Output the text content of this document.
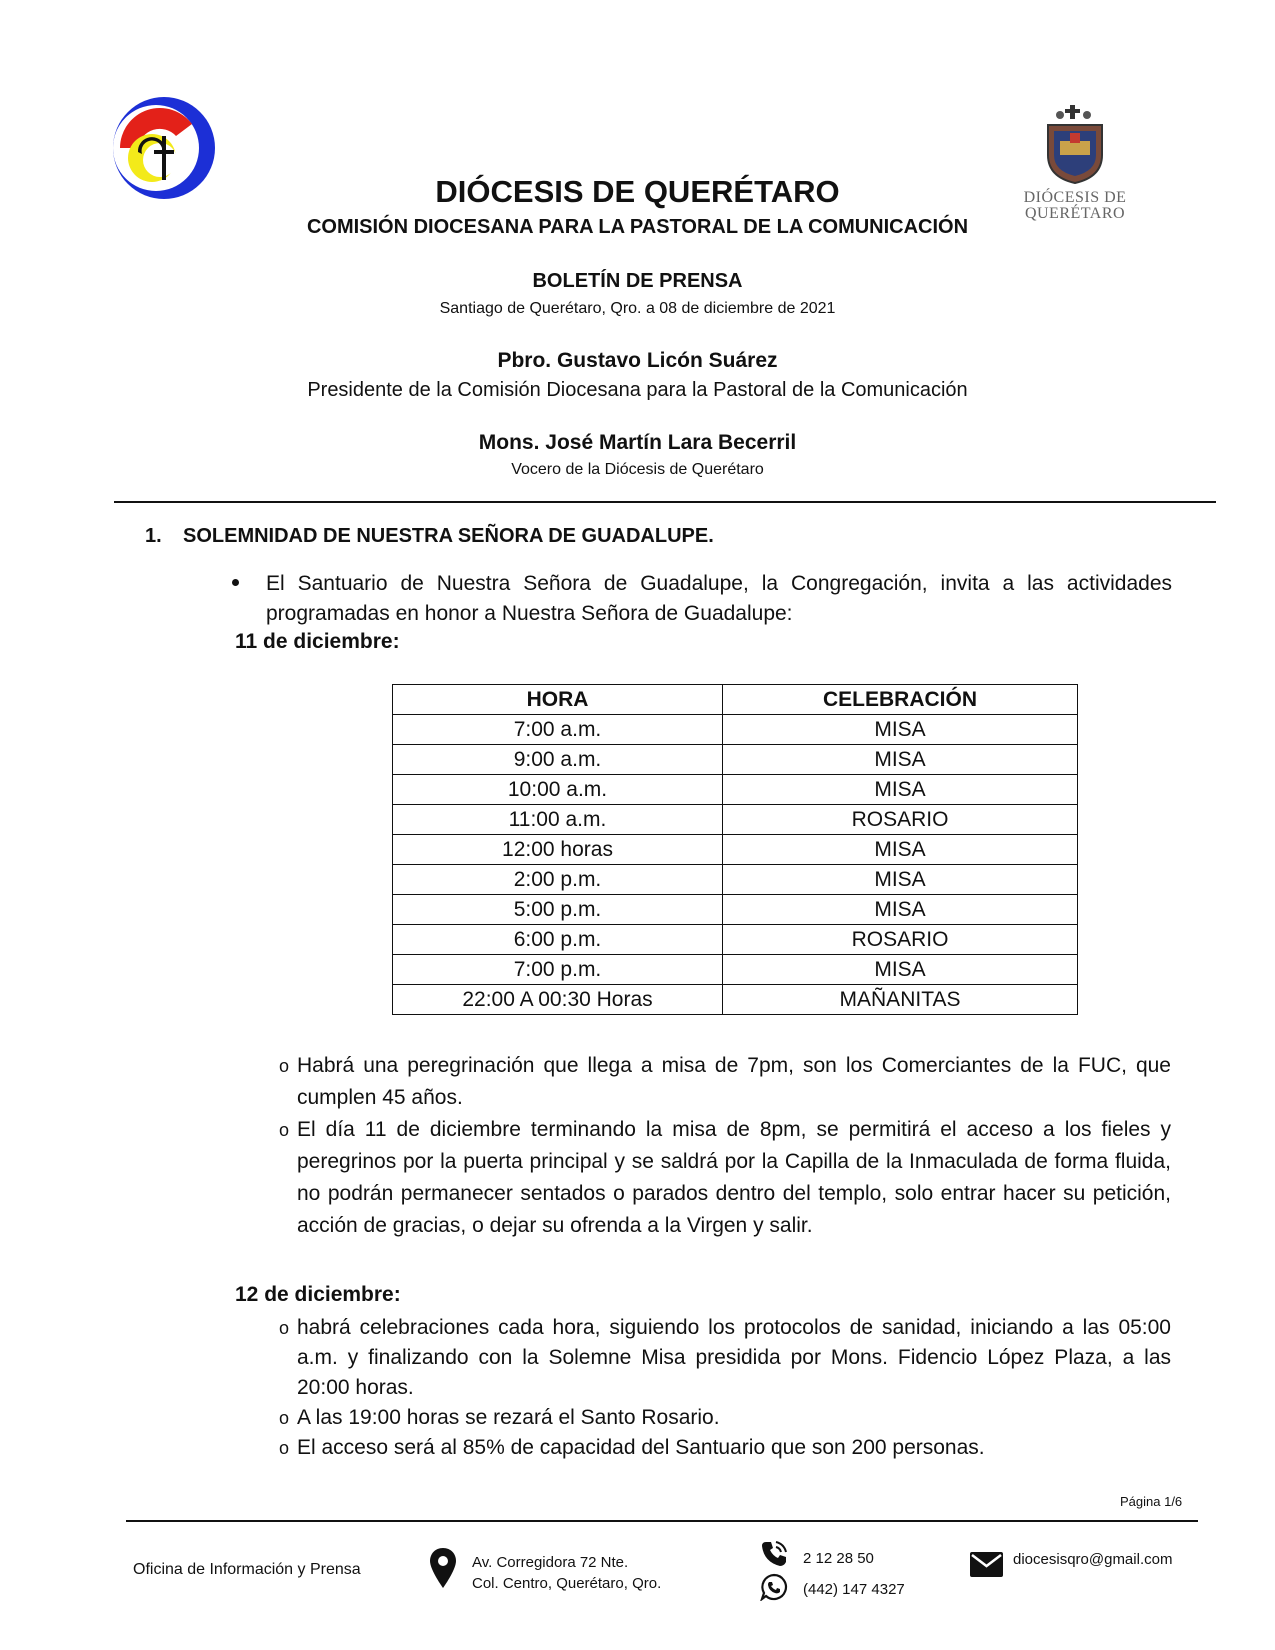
DIÓCESIS DE
QUERÉTARO
DIÓCESIS DE QUERÉTARO
COMISIÓN DIOCESANA PARA LA PASTORAL DE LA COMUNICACIÓN
BOLETÍN DE PRENSA
Santiago de Querétaro, Qro. a 08 de diciembre de 2021
Pbro. Gustavo Licón Suárez
Presidente de la Comisión Diocesana para la Pastoral de la Comunicación
Mons. José Martín Lara Becerril
Vocero de la Diócesis de Querétaro
1. SOLEMNIDAD DE NUESTRA SEÑORA DE GUADALUPE.
El Santuario de Nuestra Señora de Guadalupe, la Congregación, invita a las actividades programadas en honor a Nuestra Señora de Guadalupe:
11 de diciembre:
HORA	CELEBRACIÓN
7:00 a.m.	MISA
9:00 a.m.	MISA
10:00 a.m.	MISA
11:00 a.m.	ROSARIO
12:00 horas	MISA
2:00 p.m.	MISA
5:00 p.m.	MISA
6:00 p.m.	ROSARIO
7:00 p.m.	MISA
22:00 A 00:30 Horas	MAÑANITAS
o Habrá una peregrinación que llega a misa de 7pm, son los Comerciantes de la FUC, que cumplen 45 años.
o El día 11 de diciembre terminando la misa de 8pm, se permitirá el acceso a los fieles y peregrinos por la puerta principal y se saldrá por la Capilla de la Inmaculada de forma fluida, no podrán permanecer sentados o parados dentro del templo, solo entrar hacer su petición, acción de gracias, o dejar su ofrenda a la Virgen y salir.
12 de diciembre:
o habrá celebraciones cada hora, siguiendo los protocolos de sanidad, iniciando a las 05:00 a.m. y finalizando con la Solemne Misa presidida por Mons. Fidencio López Plaza, a las 20:00 horas.
o A las 19:00 horas se rezará el Santo Rosario.
o El acceso será al 85% de capacidad del Santuario que son 200 personas.
Página 1/6
Oficina de Información y Prensa	Av. Corregidora 72 Nte.
Col. Centro, Querétaro, Qro.
2 12 28 50
(442) 147 4327
diocesisqro@gmail.com
